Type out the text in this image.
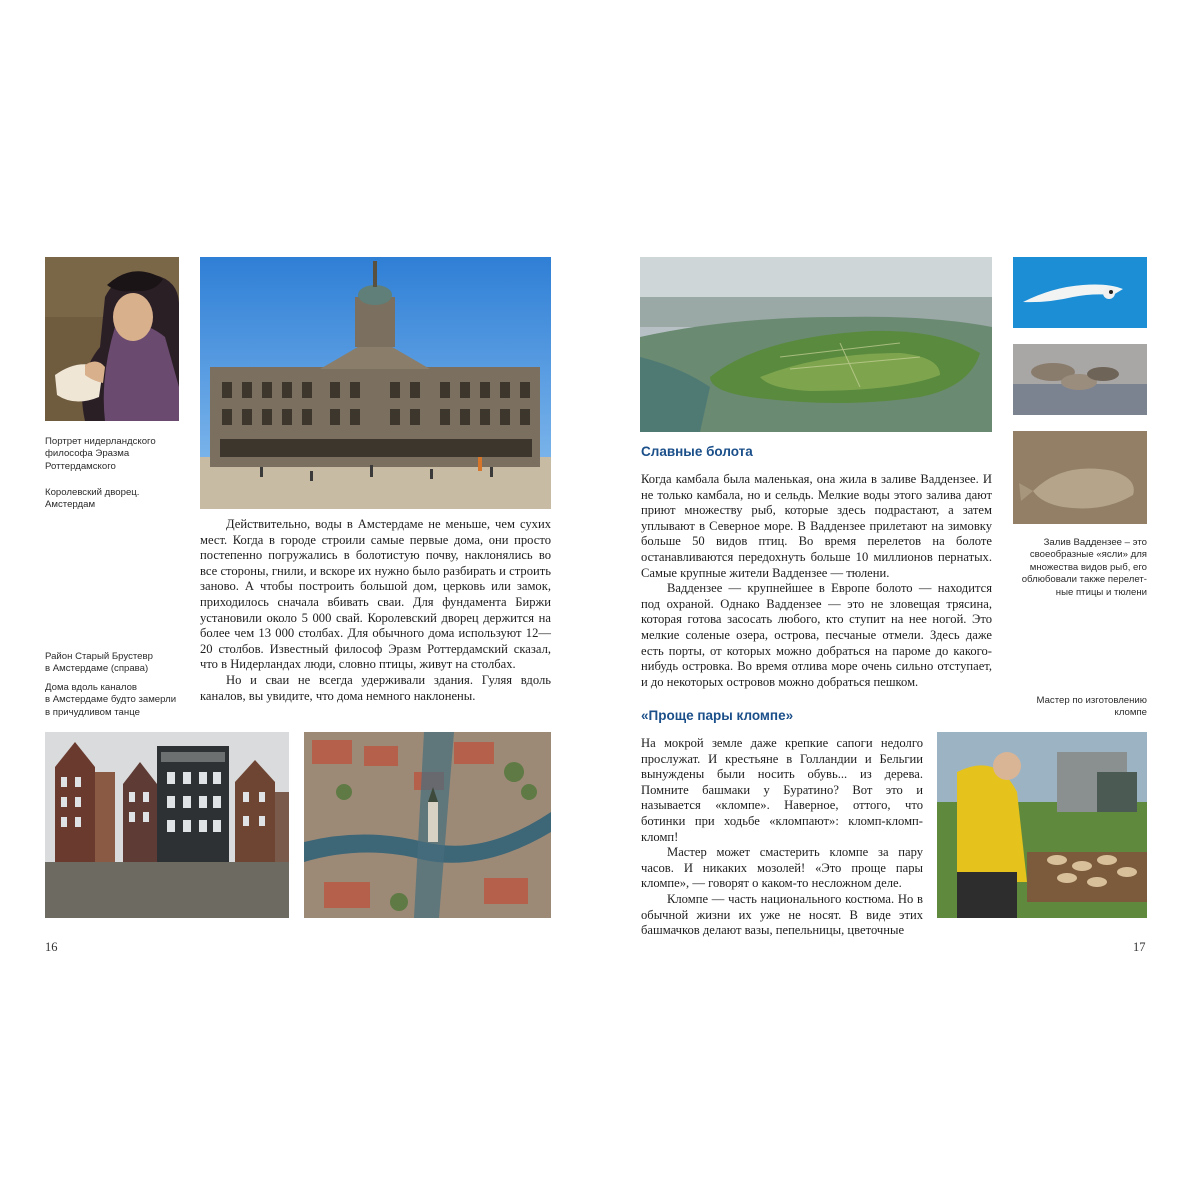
Портрет нидерландского
философа Эразма
Роттердамского
Королевский дворец.
Амстердам
Район Старый Брустевр
в Амстердаме (справа)
Дома вдоль каналов
в Амстердаме будто замерли
в причудливом танце

Действительно, воды в Амстердаме не меньше, чем сухих мест. Когда в городе строили самые первые дома, они просто постепенно погружались в болотистую почву, наклонялись во все стороны, гнили, и вскоре их нужно было разбирать и строить заново. А чтобы построить большой дом, церковь или замок, приходилось сначала вбивать сваи. Для фундамента Биржи установили около 5 000 свай. Королевский дворец держится на более чем 13 000 столбах. Для обычного дома используют 12—20 столбов. Известный философ Эразм Роттердамский сказал, что в Нидерландах люди, словно птицы, живут на столбах.

Но и сваи не всегда удерживали здания. Гуляя вдоль каналов, вы увидите, что дома немного наклонены.

16
Славные болота

Когда камбала была маленькая, она жила в заливе Ваддензее. И не только камбала, но и сельдь. Мелкие воды этого залива дают приют множеству рыб, которые здесь подрастают, а затем уплывают в Северное море. В Ваддензее прилетают на зимовку больше 50 видов птиц. Во время перелетов на болоте останавливаются передохнуть больше 10 миллионов пернатых. Самые крупные жители Ваддензее — тюлени.

Ваддензее — крупнейшее в Европе болото — находится под охраной. Однако Ваддензее — это не зловещая трясина, которая готова засосать любого, кто ступит на нее ногой. Это мелкие соленые озера, острова, песчаные отмели. Здесь даже есть порты, от которых можно добраться на пароме до какого-нибудь островка. Во время отлива море очень сильно отступает, и до некоторых островов можно добраться пешком.

Залив Ваддензее – это
своеобразные «ясли» для
множества видов рыб, его
облюбовали также перелет-
ные птицы и тюлени
Мастер по изготовлению
кломпе
«Проще пары кломпе»

На мокрой земле даже крепкие сапоги недолго прослужат. И крестьяне в Голландии и Бельгии вынуждены были носить обувь... из дерева. Помните башмаки у Буратино? Вот это и называется «кломпе». Наверное, оттого, что ботинки при ходьбе «кломпают»: кломп-кломп-кломп!

Мастер может смастерить кломпе за пару часов. И никаких мозолей! «Это проще пары кломпе», — говорят о каком-то несложном деле.

Кломпе — часть национального костюма. Но в обычной жизни их уже не носят. В виде этих башмачков делают вазы, пепельницы, цветочные

17
